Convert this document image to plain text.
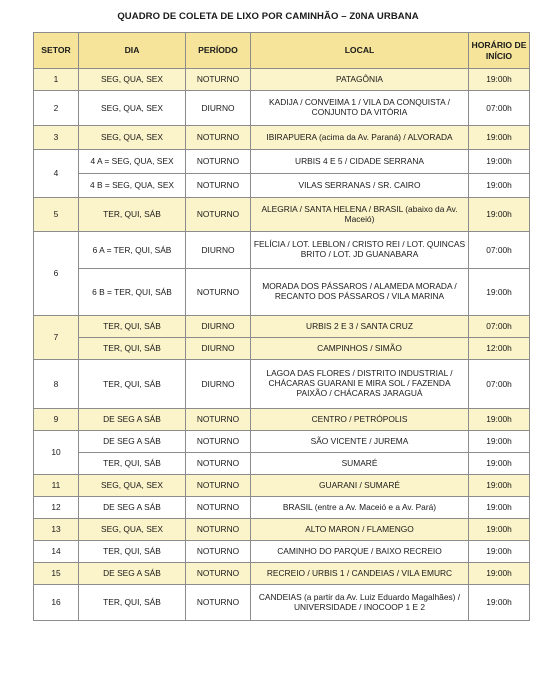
QUADRO DE COLETA DE LIXO POR CAMINHÃO – Z0NA URBANA
SETOR	DIA	PERÍODO	LOCAL	HORÁRIO DE INÍCIO
1	SEG, QUA, SEX	NOTURNO	PATAGÔNIA	19:00h
2	SEG, QUA, SEX	DIURNO	KADIJA / CONVEIMA 1 / VILA DA CONQUISTA / CONJUNTO DA VITÓRIA	07:00h
3	SEG, QUA, SEX	NOTURNO	IBIRAPUERA (acima da Av. Paraná) / ALVORADA	19:00h
4	4 A = SEG, QUA, SEX	NOTURNO	URBIS 4 E 5 / CIDADE SERRANA	19:00h
	4 B = SEG, QUA, SEX	NOTURNO	VILAS SERRANAS / SR. CAIRO	19:00h
5	TER, QUI, SÁB	NOTURNO	ALEGRIA / SANTA HELENA / BRASIL (abaixo da Av. Maceió)	19:00h
6	6 A = TER, QUI, SÁB	DIURNO	FELÍCIA / LOT. LEBLON / CRISTO REI / LOT. QUINCAS BRITO / LOT. JD GUANABARA	07:00h
	6 B = TER, QUI, SÁB	NOTURNO	MORADA DOS PÁSSAROS / ALAMEDA MORADA / RECANTO DOS PÁSSAROS / VILA MARINA	19:00h
7	TER, QUI, SÁB	DIURNO	URBIS 2 E 3 / SANTA CRUZ	07:00h
	TER, QUI, SÁB	DIURNO	CAMPINHOS / SIMÃO	12:00h
8	TER, QUI, SÁB	DIURNO	LAGOA DAS FLORES / DISTRITO INDUSTRIAL / CHÁCARAS GUARANI E MIRA SOL / FAZENDA PAIXÃO / CHÁCARAS JARAGUÁ	07:00h
9	DE SEG A SÁB	NOTURNO	CENTRO / PETRÓPOLIS	19:00h
10	DE SEG A SÁB	NOTURNO	SÃO VICENTE / JUREMA	19:00h
	TER, QUI, SÁB	NOTURNO	SUMARÉ	19:00h
11	SEG, QUA, SEX	NOTURNO	GUARANI / SUMARÉ	19:00h
12	DE SEG A SÁB	NOTURNO	BRASIL (entre a Av. Maceió e a Av. Pará)	19:00h
13	SEG, QUA, SEX	NOTURNO	ALTO MARON / FLAMENGO	19:00h
14	TER, QUI, SÁB	NOTURNO	CAMINHO DO PARQUE / BAIXO RECREIO	19:00h
15	DE SEG A SÁB	NOTURNO	RECREIO / URBIS 1 / CANDEIAS / VILA EMURC	19:00h
16	TER, QUI, SÁB	NOTURNO	CANDEIAS (a partir da Av. Luiz Eduardo Magalhães) / UNIVERSIDADE / INOCOOP 1 E 2	19:00h
